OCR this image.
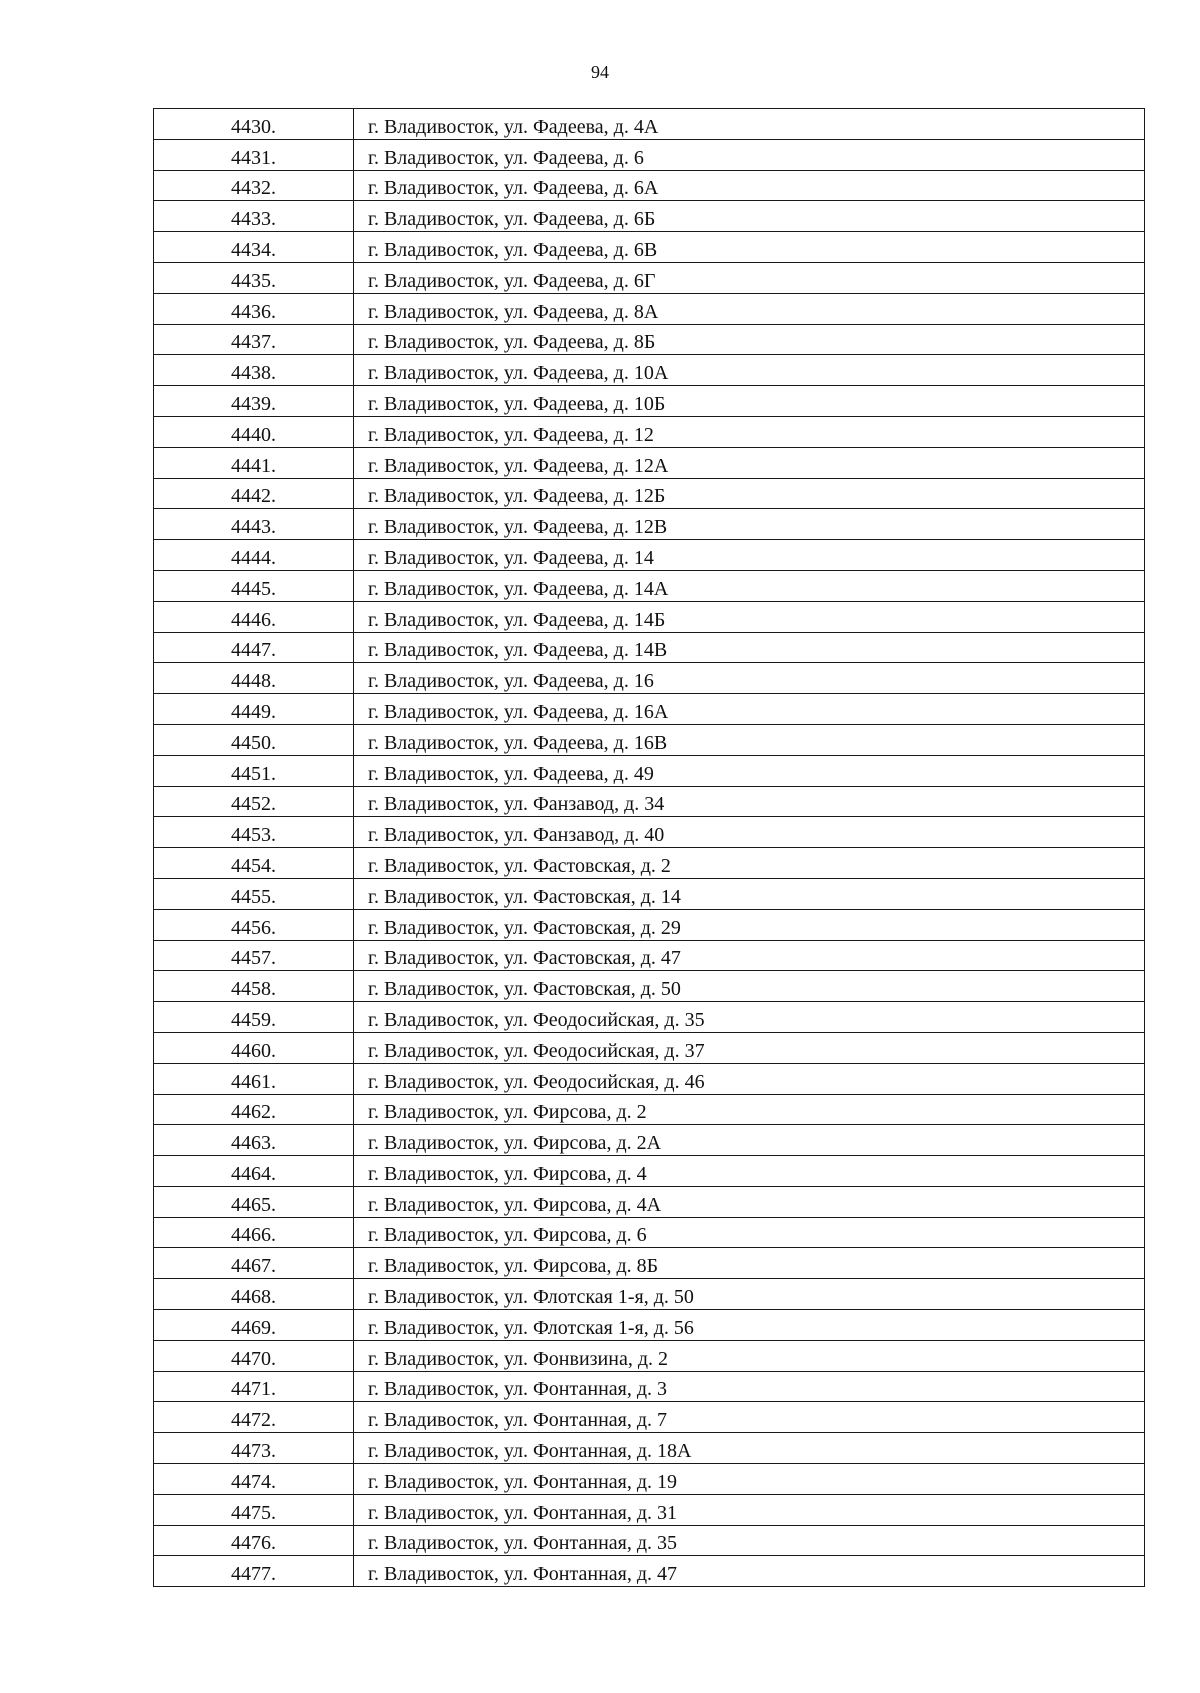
94
4430.	г. Владивосток, ул. Фадеева, д. 4А
4431.	г. Владивосток, ул. Фадеева, д. 6
4432.	г. Владивосток, ул. Фадеева, д. 6А
4433.	г. Владивосток, ул. Фадеева, д. 6Б
4434.	г. Владивосток, ул. Фадеева, д. 6В
4435.	г. Владивосток, ул. Фадеева, д. 6Г
4436.	г. Владивосток, ул. Фадеева, д. 8А
4437.	г. Владивосток, ул. Фадеева, д. 8Б
4438.	г. Владивосток, ул. Фадеева, д. 10А
4439.	г. Владивосток, ул. Фадеева, д. 10Б
4440.	г. Владивосток, ул. Фадеева, д. 12
4441.	г. Владивосток, ул. Фадеева, д. 12А
4442.	г. Владивосток, ул. Фадеева, д. 12Б
4443.	г. Владивосток, ул. Фадеева, д. 12В
4444.	г. Владивосток, ул. Фадеева, д. 14
4445.	г. Владивосток, ул. Фадеева, д. 14А
4446.	г. Владивосток, ул. Фадеева, д. 14Б
4447.	г. Владивосток, ул. Фадеева, д. 14В
4448.	г. Владивосток, ул. Фадеева, д. 16
4449.	г. Владивосток, ул. Фадеева, д. 16А
4450.	г. Владивосток, ул. Фадеева, д. 16В
4451.	г. Владивосток, ул. Фадеева, д. 49
4452.	г. Владивосток, ул. Фанзавод, д. 34
4453.	г. Владивосток, ул. Фанзавод, д. 40
4454.	г. Владивосток, ул. Фастовская, д. 2
4455.	г. Владивосток, ул. Фастовская, д. 14
4456.	г. Владивосток, ул. Фастовская, д. 29
4457.	г. Владивосток, ул. Фастовская, д. 47
4458.	г. Владивосток, ул. Фастовская, д. 50
4459.	г. Владивосток, ул. Феодосийская, д. 35
4460.	г. Владивосток, ул. Феодосийская, д. 37
4461.	г. Владивосток, ул. Феодосийская, д. 46
4462.	г. Владивосток, ул. Фирсова, д. 2
4463.	г. Владивосток, ул. Фирсова, д. 2А
4464.	г. Владивосток, ул. Фирсова, д. 4
4465.	г. Владивосток, ул. Фирсова, д. 4А
4466.	г. Владивосток, ул. Фирсова, д. 6
4467.	г. Владивосток, ул. Фирсова, д. 8Б
4468.	г. Владивосток, ул. Флотская 1-я, д. 50
4469.	г. Владивосток, ул. Флотская 1-я, д. 56
4470.	г. Владивосток, ул. Фонвизина, д. 2
4471.	г. Владивосток, ул. Фонтанная, д. 3
4472.	г. Владивосток, ул. Фонтанная, д. 7
4473.	г. Владивосток, ул. Фонтанная, д. 18А
4474.	г. Владивосток, ул. Фонтанная, д. 19
4475.	г. Владивосток, ул. Фонтанная, д. 31
4476.	г. Владивосток, ул. Фонтанная, д. 35
4477.	г. Владивосток, ул. Фонтанная, д. 47
